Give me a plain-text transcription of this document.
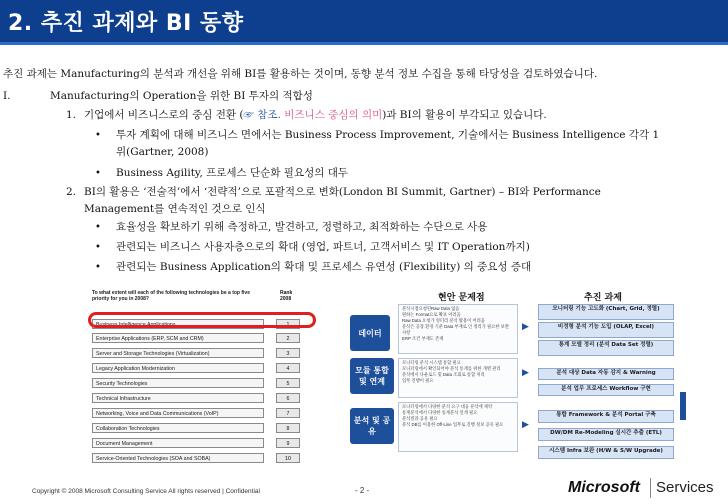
2. 추진 과제와 BI 동향
추진 과제는 Manufacturing의 분석과 개선을 위해 BI를 활용하는 것이며, 동향 분석 정보 수집을 통해 타당성을 검토하였습니다.
I.	Manufacturing의 Operation을 위한 BI 투자의 적합성
1. 기업에서 비즈니스로의 중심 전환 (☞ 참조. 비즈니스 중심의 의미)과 BI의 활용이 부각되고 있습니다.
• 투자 계획에 대해 비즈니스 면에서는 Business Process Improvement, 기술에서는 Business Intelligence 각각 1
위(Gartner, 2008)
• Business Agility, 프로세스 단순화 필요성의 대두
2. BI의 활용은 ‘전술적’에서 ‘전략적’으로 포괄적으로 변화(London BI Summit, Gartner) – BI와 Performance
Management를 연속적인 것으로 인식
• 효율성을 확보하기 위해 측정하고, 발견하고, 정렬하고, 최적화하는 수단으로 사용
• 관련되는 비즈니스 사용자층으로의 확대 (영업, 파트너, 고객서비스 및 IT Operation까지)
• 관련되는 Business Application의 확대 및 프로세스 유연성 (Flexibility) 의 중요성 증대
To what extent will each of the following technologies be a top five priority for you in 2008?
Rank 2008
Business Intelligence Applications	1
Enterprise Applications (ERP, SCM and CRM)	2
Server and Storage Technologies (Virtualization)	3
Legacy Application Modernization	4
Security Technologies	5
Technical Infrastructure	6
Networking, Voice and Data Communications (VoIP)	7
Collaboration Technologies	8
Document Management	9
Service-Oriented Technologies (SOA and SOBA)	10
현안 문제점	추진 과제
데이터
분석시점요청된Raw Data 없음
원하는 Format으로 확보 어려움
Raw Data 요청가 엉터리 분석 활용이 어려움
분석은 공장 환경 기준 Data 부재로 인 정리가 필요한 보완 사항
ERP 조건 부재도 존재
모듈 통합 및 연계
모니터링 분석 시스템 통합 필요
모니터링에서 확인되어야 분석 통계를 위한 개별 관리
분석에서 다운로드 및 Data 조회로 통합 처리
업무 진행이 필요
분석 및 공유
모니터링에서 다양한 분석 요구 대응 분석에 제약
통계분석에서 다양한 통계분석 연계 필요
분석결과 공유 필요
분석 DB를 이용한 Off-Line 업무로 진행 정보 공유 필요
▶
▶
▶
모니터링 기능 고도화 (Chart, Grid, 정렬)
비정형 분석 기능 도입 (OLAP, Excel)
통계 모델 정리 (분석 Data Set 정렬)
분석 대상 Data 자동 감지 & Warning
분석 업무 프로세스 Workflow 구현
통합 Framework & 분석 Portal 구축
DW/DM Re-Modeling 실시간 추출 (ETL)
시스템 Infra 보완 (H/W & S/W Upgrade)
Copyright © 2008 Microsoft Consulting Service All rights reserved | Confidential	- 2 -	Microsoft Services
